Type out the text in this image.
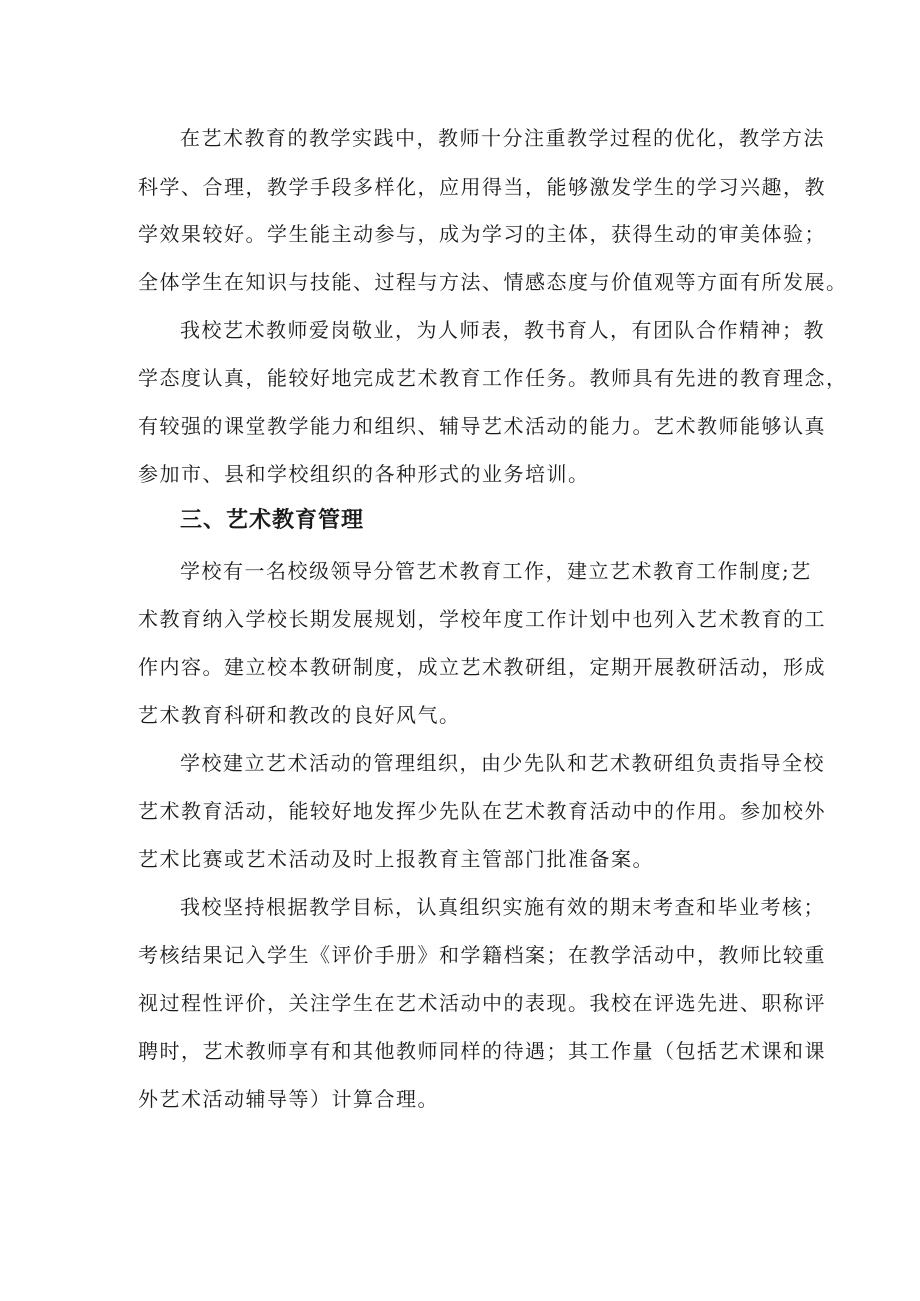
在艺术教育的教学实践中，教师十分注重教学过程的优化，教学方法
科学、合理，教学手段多样化，应用得当，能够激发学生的学习兴趣，教
学效果较好。学生能主动参与，成为学习的主体，获得生动的审美体验；
全体学生在知识与技能、过程与方法、情感态度与价值观等方面有所发展。
我校艺术教师爱岗敬业，为人师表，教书育人，有团队合作精神；教
学态度认真，能较好地完成艺术教育工作任务。教师具有先进的教育理念，
有较强的课堂教学能力和组织、辅导艺术活动的能力。艺术教师能够认真
参加市、县和学校组织的各种形式的业务培训。
三、艺术教育管理
学校有一名校级领导分管艺术教育工作，建立艺术教育工作制度;艺
术教育纳入学校长期发展规划，学校年度工作计划中也列入艺术教育的工
作内容。建立校本教研制度，成立艺术教研组，定期开展教研活动，形成
艺术教育科研和教改的良好风气。
学校建立艺术活动的管理组织，由少先队和艺术教研组负责指导全校
艺术教育活动，能较好地发挥少先队在艺术教育活动中的作用。参加校外
艺术比赛或艺术活动及时上报教育主管部门批准备案。
我校坚持根据教学目标，认真组织实施有效的期末考查和毕业考核；
考核结果记入学生《评价手册》和学籍档案；在教学活动中，教师比较重
视过程性评价，关注学生在艺术活动中的表现。我校在评选先进、职称评
聘时，艺术教师享有和其他教师同样的待遇；其工作量（包括艺术课和课
外艺术活动辅导等）计算合理。
